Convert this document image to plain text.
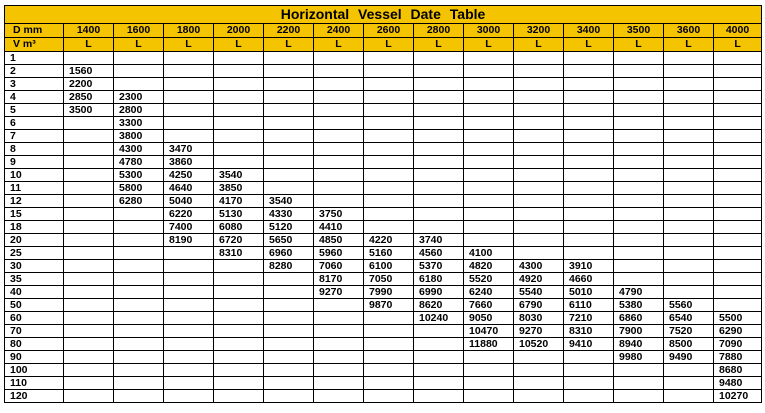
Horizontal Vessel Date Table														
D mm	1400	1600	1800	2000	2200	2400	2600	2800	3000	3200	3400	3500	3600	4000
V m³	L	L	L	L	L	L	L	L	L	L	L	L	L	L
1														
2	1560													
3	2200													
4	2850	2300												
5	3500	2800												
6		3300												
7		3800												
8		4300	3470											
9		4780	3860											
10		5300	4250	3540										
11		5800	4640	3850										
12		6280	5040	4170	3540									
15			6220	5130	4330	3750								
18			7400	6080	5120	4410								
20			8190	6720	5650	4850	4220	3740						
25				8310	6960	5960	5160	4560	4100					
30					8280	7060	6100	5370	4820	4300	3910			
35						8170	7050	6180	5520	4920	4660			
40						9270	7990	6990	6240	5540	5010	4790		
50							9870	8620	7660	6790	6110	5380	5560	
60								10240	9050	8030	7210	6860	6540	5500
70									10470	9270	8310	7900	7520	6290
80									11880	10520	9410	8940	8500	7090
90												9980	9490	7880
100														8680
110														9480
120														10270
